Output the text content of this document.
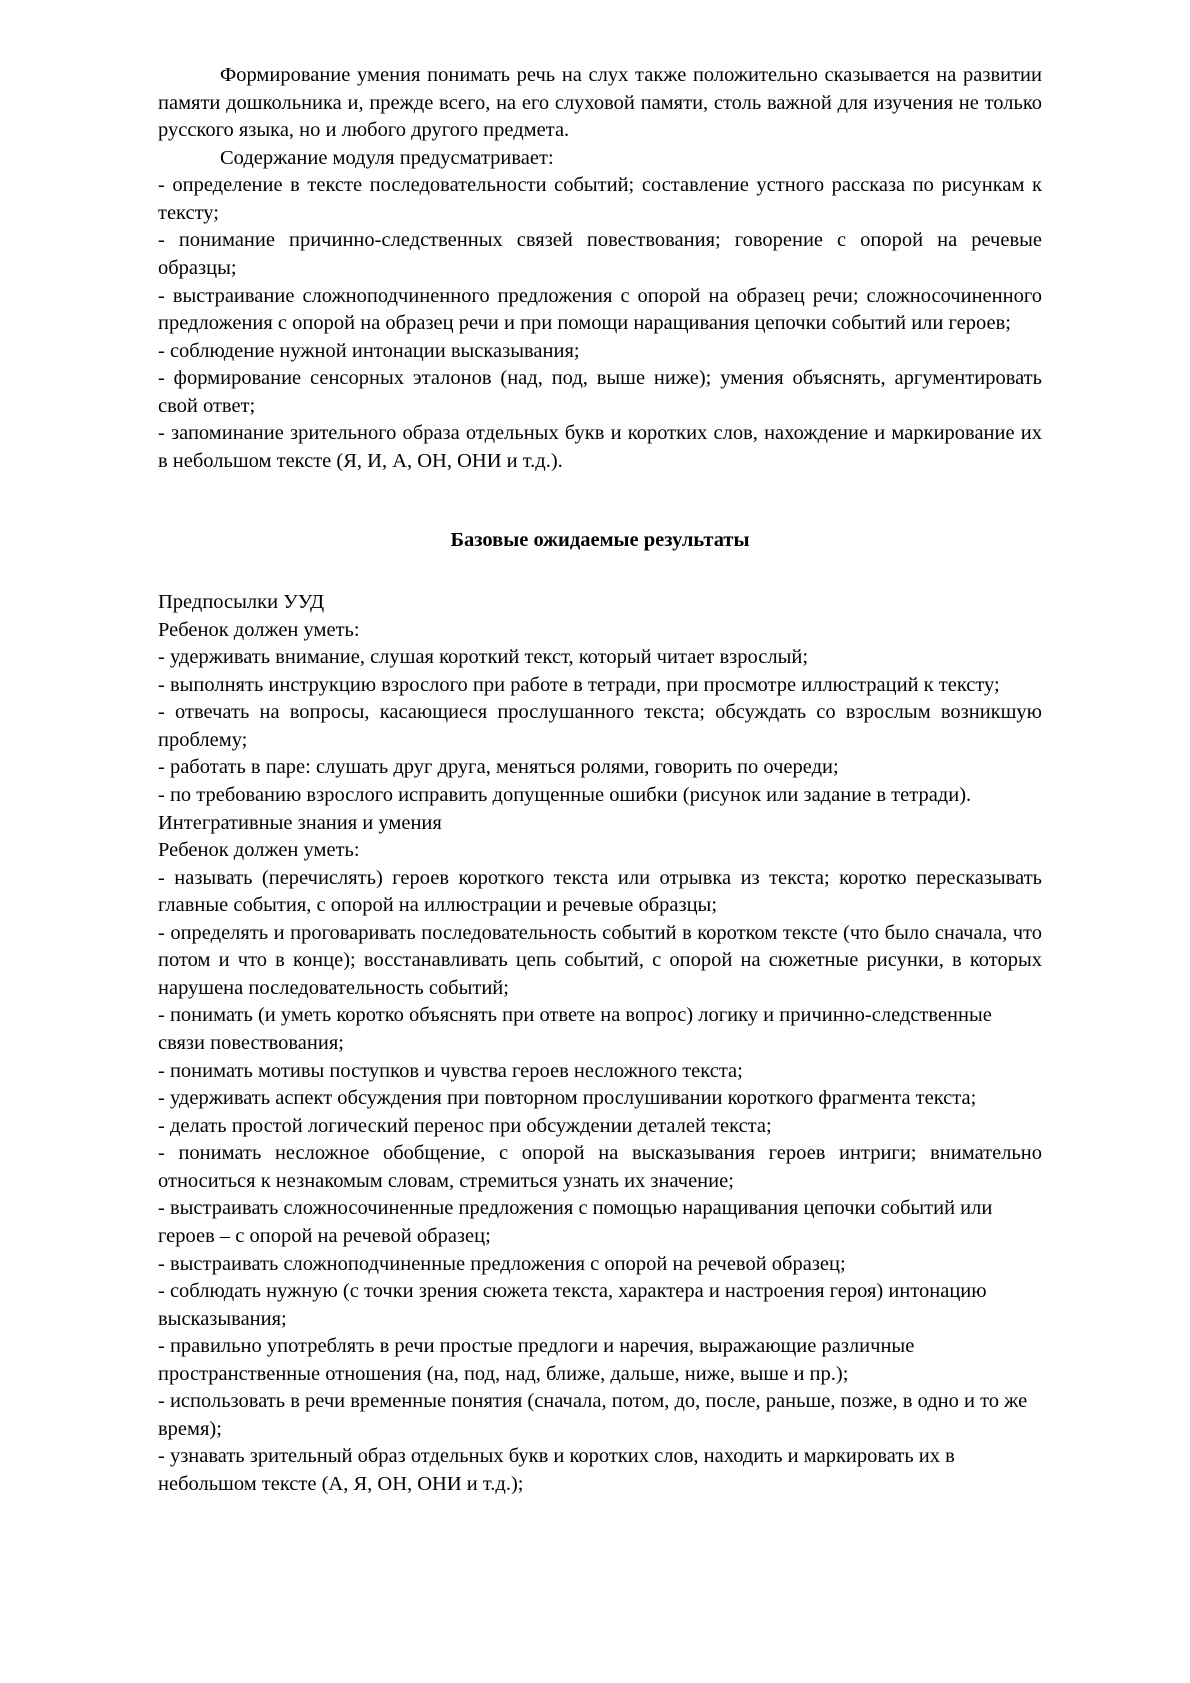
Формирование умения понимать речь на слух также положительно сказывается на развитии памяти дошкольника и, прежде всего, на его слуховой памяти, столь важной для изучения не только русского языка, но и любого другого предмета.

Содержание модуля предусматривает:

- определение в тексте последовательности событий; составление устного рассказа по рисункам к тексту;

- понимание причинно-следственных связей повествования; говорение с опорой на речевые образцы;

- выстраивание сложноподчиненного предложения с опорой на образец речи; сложносочиненного предложения с опорой на образец речи и при помощи наращивания цепочки событий или героев;

- соблюдение нужной интонации высказывания;

- формирование сенсорных эталонов (над, под, выше ниже); умения объяснять, аргументировать свой ответ;

- запоминание зрительного образа отдельных букв и коротких слов, нахождение и маркирование их в небольшом тексте (Я, И, А, ОН, ОНИ и т.д.).

Базовые ожидаемые результаты

Предпосылки УУД

Ребенок должен уметь:

- удерживать внимание, слушая короткий текст, который читает взрослый;

- выполнять инструкцию взрослого при работе в тетради, при просмотре иллюстраций к тексту;

- отвечать на вопросы, касающиеся прослушанного текста; обсуждать со взрослым возникшую проблему;

- работать в паре: слушать друг друга, меняться ролями, говорить по очереди;

- по требованию взрослого исправить допущенные ошибки (рисунок или задание в тетради).

Интегративные знания и умения

Ребенок должен уметь:

- называть (перечислять) героев короткого текста или отрывка из текста; коротко пересказывать главные события, с опорой на иллюстрации и речевые образцы;

- определять и проговаривать последовательность событий в коротком тексте (что было сначала, что потом и что в конце); восстанавливать цепь событий, с опорой на сюжетные рисунки, в которых нарушена последовательность событий;

- понимать (и уметь коротко объяснять при ответе на вопрос) логику и причинно-следственные связи повествования;

- понимать мотивы поступков и чувства героев несложного текста;

- удерживать аспект обсуждения при повторном прослушивании короткого фрагмента текста;

- делать простой логический перенос при обсуждении деталей текста;

- понимать несложное обобщение, с опорой на высказывания героев интриги; внимательно относиться к незнакомым словам, стремиться узнать их значение;

- выстраивать сложносочиненные предложения с помощью наращивания цепочки событий или героев – с опорой на речевой образец;

- выстраивать сложноподчиненные предложения с опорой на речевой образец;

- соблюдать нужную (с точки зрения сюжета текста, характера и настроения героя) интонацию высказывания;

- правильно употреблять в речи простые предлоги и наречия, выражающие различные пространственные отношения (на, под, над, ближе, дальше, ниже, выше и пр.);

- использовать в речи временные понятия (сначала, потом, до, после, раньше, позже, в одно и то же время);

- узнавать зрительный образ отдельных букв и коротких слов, находить и маркировать их в небольшом тексте (А, Я, ОН, ОНИ и т.д.);
